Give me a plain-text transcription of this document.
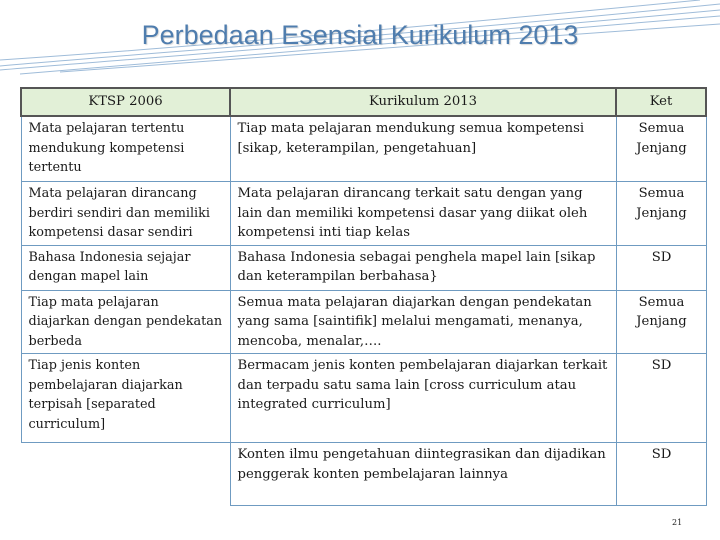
Perbedaan Esensial Kurikulum 2013
KTSP 2006	Kurikulum 2013	Ket
Mata pelajaran tertentu mendukung kompetensi tertentu	Tiap mata pelajaran mendukung semua kompetensi [sikap, keterampilan, pengetahuan]	Semua Jenjang
Mata pelajaran dirancang berdiri sendiri dan memiliki kompetensi dasar sendiri	Mata pelajaran dirancang terkait satu dengan yang lain dan memiliki kompetensi dasar yang diikat oleh kompetensi inti tiap kelas	Semua Jenjang
Bahasa Indonesia sejajar dengan mapel lain	Bahasa Indonesia sebagai penghela mapel lain [sikap dan keterampilan berbahasa}	SD
Tiap mata pelajaran diajarkan dengan pendekatan berbeda	Semua mata pelajaran diajarkan dengan pendekatan yang sama [saintifik] melalui mengamati, menanya, mencoba, menalar,….	Semua Jenjang
Tiap jenis konten pembelajaran diajarkan terpisah [separated curriculum]	Bermacam jenis konten pembelajaran diajarkan terkait dan terpadu satu sama lain [cross curriculum atau integrated curriculum]	SD
	Konten ilmu pengetahuan diintegrasikan dan dijadikan penggerak konten pembelajaran lainnya	SD
21
